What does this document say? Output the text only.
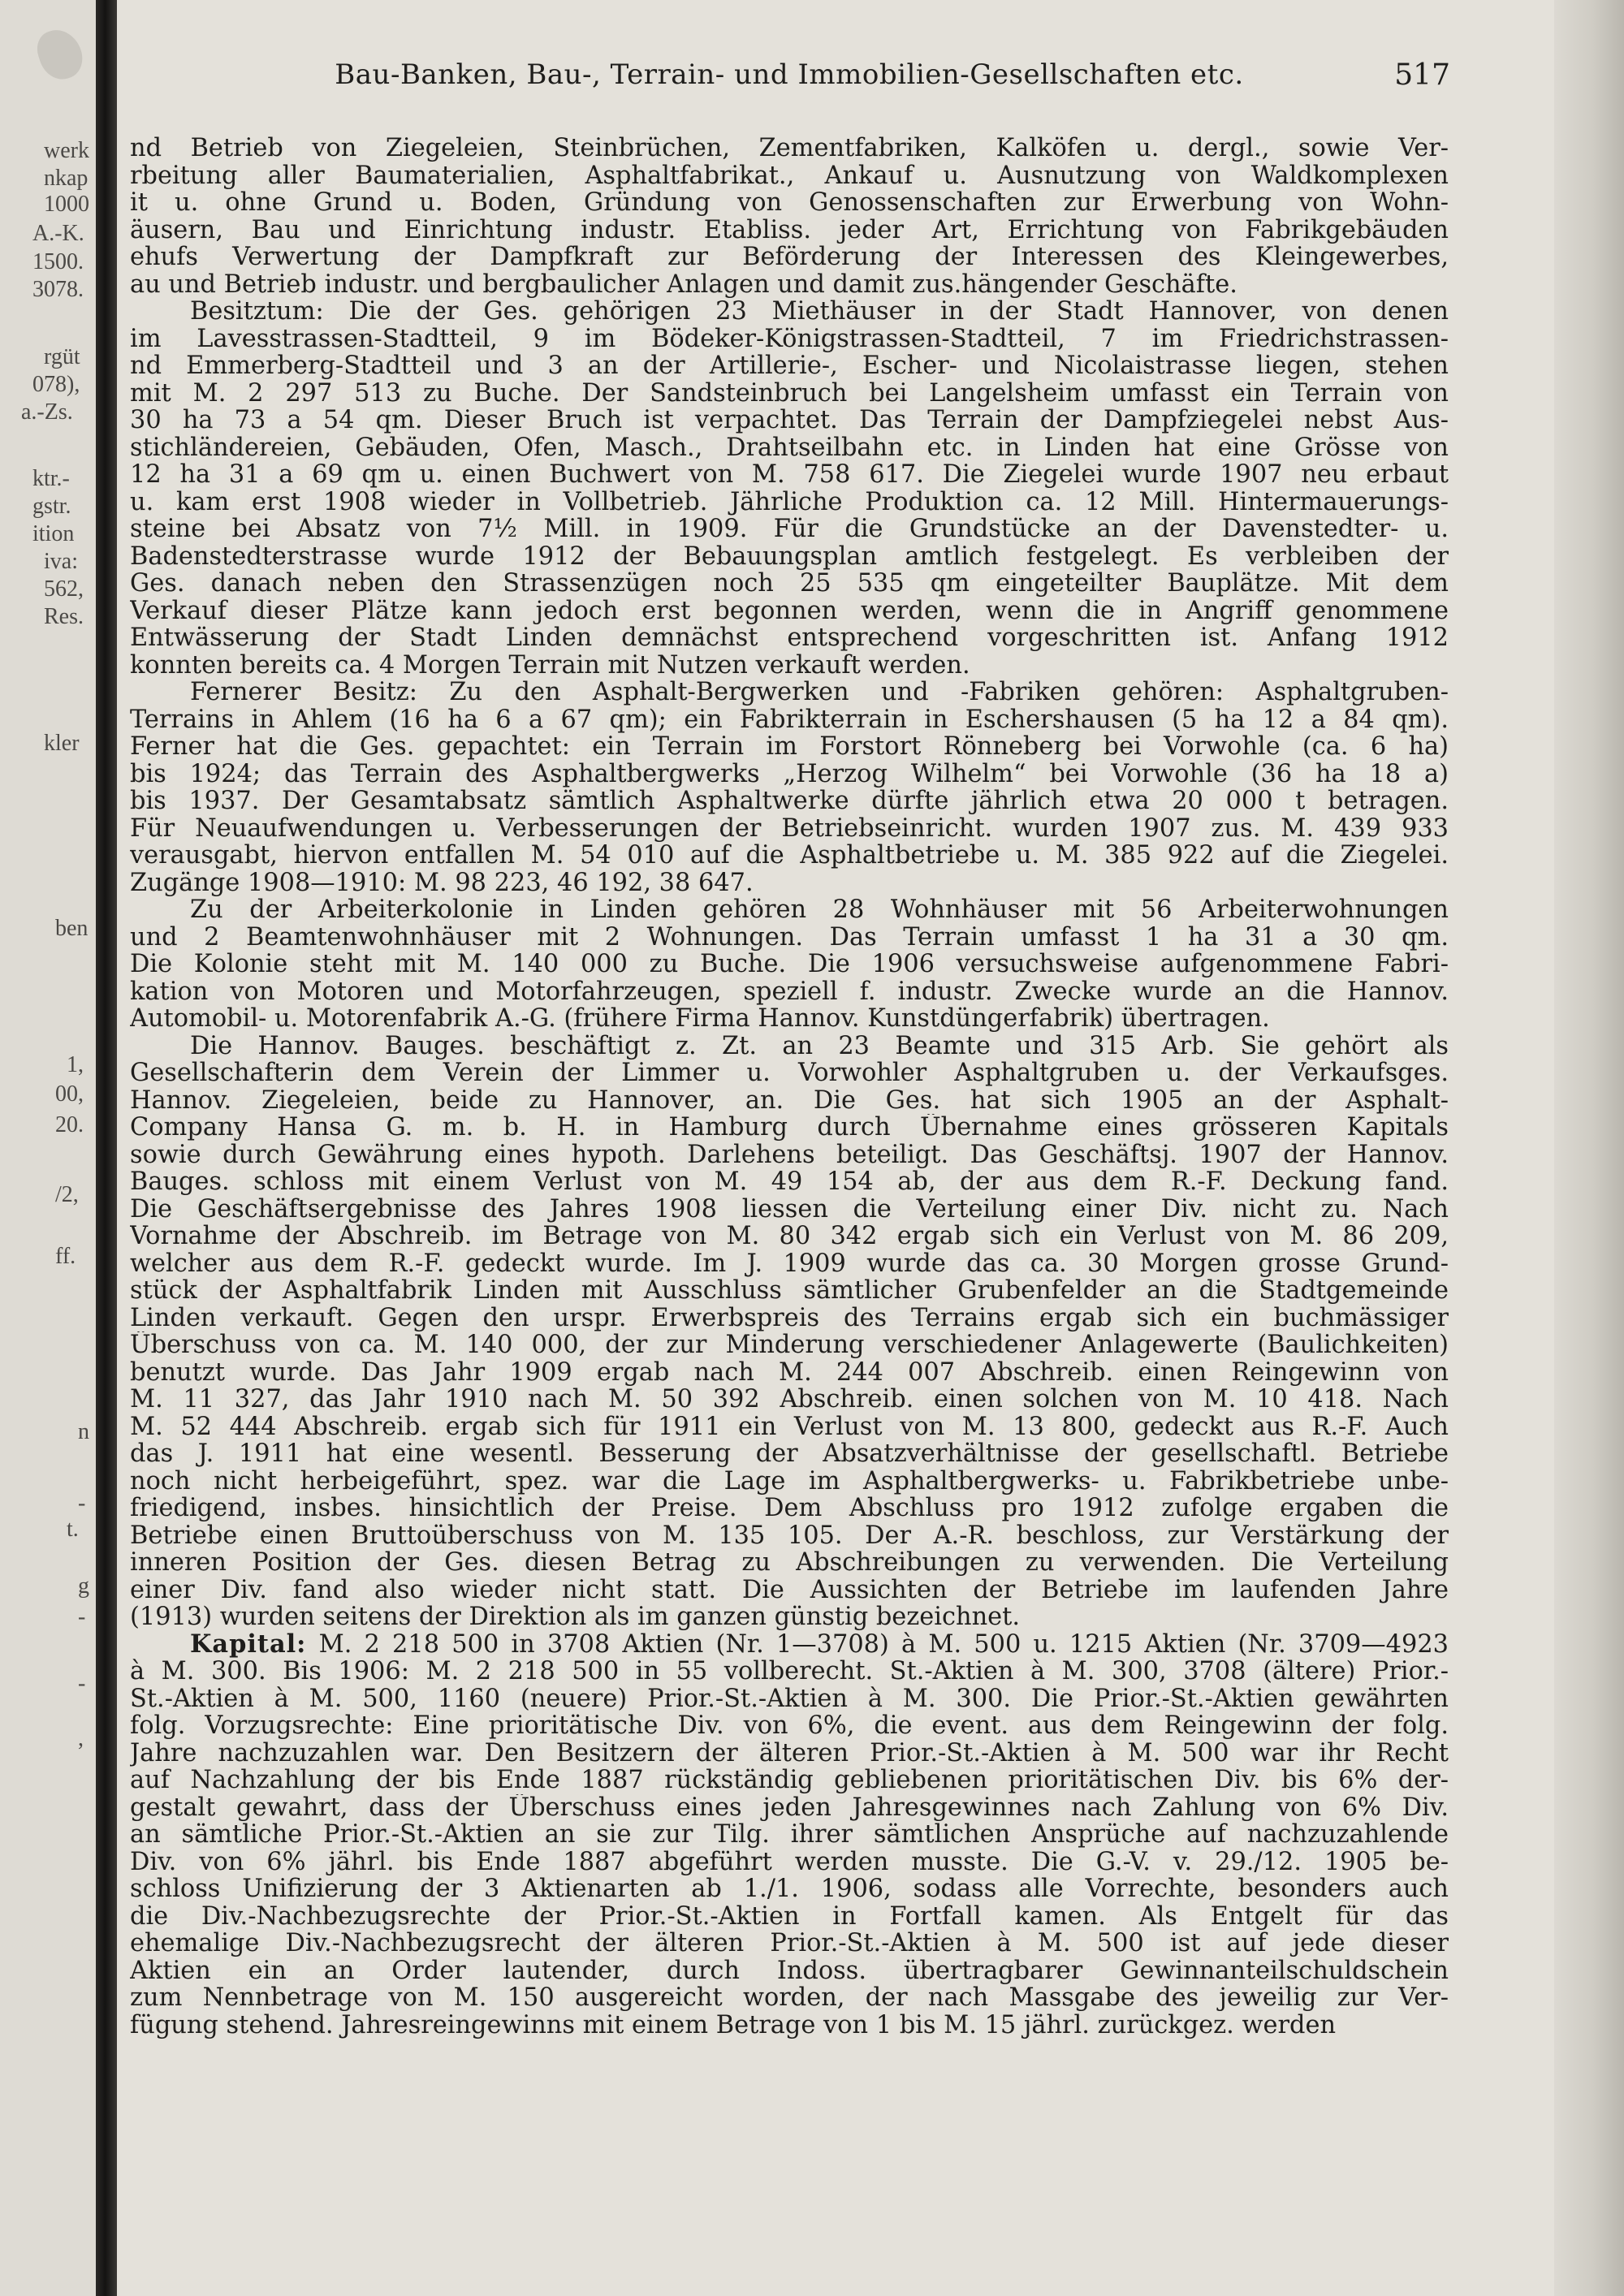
werk
nkap
1000
A.-K.
1500.
3078.
rgüt
078),
a.-Zs.
ktr.-
gstr.
ition
iva:
562,
Res.
kler
ben
1,
00,
20.
/2,
ff.
n
-
t.
g
-
-
,
Bau-Banken, Bau-, Terrain- und Immobilien-Gesellschaften etc.	517
nd Betrieb von Ziegeleien, Steinbrüchen, Zementfabriken, Kalköfen u. dergl., sowie Ver-
rbeitung aller Baumaterialien, Asphaltfabrikat., Ankauf u. Ausnutzung von Waldkomplexen
it u. ohne Grund u. Boden, Gründung von Genossenschaften zur Erwerbung von Wohn-
äusern, Bau und Einrichtung industr. Etabliss. jeder Art, Errichtung von Fabrikgebäuden
ehufs Verwertung der Dampfkraft zur Beförderung der Interessen des Kleingewerbes,
au und Betrieb industr. und bergbaulicher Anlagen und damit zus.hängender Geschäfte.
Besitztum: Die der Ges. gehörigen 23 Miethäuser in der Stadt Hannover, von denen
im Lavesstrassen-Stadtteil, 9 im Bödeker-Königstrassen-Stadtteil, 7 im Friedrichstrassen-
nd Emmerberg-Stadtteil und 3 an der Artillerie-, Escher- und Nicolaistrasse liegen, stehen
mit M. 2 297 513 zu Buche. Der Sandsteinbruch bei Langelsheim umfasst ein Terrain von
30 ha 73 a 54 qm. Dieser Bruch ist verpachtet. Das Terrain der Dampfziegelei nebst Aus-
stichländereien, Gebäuden, Ofen, Masch., Drahtseilbahn etc. in Linden hat eine Grösse von
12 ha 31 a 69 qm u. einen Buchwert von M. 758 617. Die Ziegelei wurde 1907 neu erbaut
u. kam erst 1908 wieder in Vollbetrieb. Jährliche Produktion ca. 12 Mill. Hintermauerungs-
steine bei Absatz von 7½ Mill. in 1909. Für die Grundstücke an der Davenstedter- u.
Badenstedterstrasse wurde 1912 der Bebauungsplan amtlich festgelegt. Es verbleiben der
Ges. danach neben den Strassenzügen noch 25 535 qm eingeteilter Bauplätze. Mit dem
Verkauf dieser Plätze kann jedoch erst begonnen werden, wenn die in Angriff genommene
Entwässerung der Stadt Linden demnächst entsprechend vorgeschritten ist. Anfang 1912
konnten bereits ca. 4 Morgen Terrain mit Nutzen verkauft werden.
Fernerer Besitz: Zu den Asphalt-Bergwerken und -Fabriken gehören: Asphaltgruben-
Terrains in Ahlem (16 ha 6 a 67 qm); ein Fabrikterrain in Eschershausen (5 ha 12 a 84 qm).
Ferner hat die Ges. gepachtet: ein Terrain im Forstort Rönneberg bei Vorwohle (ca. 6 ha)
bis 1924; das Terrain des Asphaltbergwerks „Herzog Wilhelm“ bei Vorwohle (36 ha 18 a)
bis 1937. Der Gesamtabsatz sämtlich Asphaltwerke dürfte jährlich etwa 20 000 t betragen.
Für Neuaufwendungen u. Verbesserungen der Betriebseinricht. wurden 1907 zus. M. 439 933
verausgabt, hiervon entfallen M. 54 010 auf die Asphaltbetriebe u. M. 385 922 auf die Ziegelei.
Zugänge 1908—1910: M. 98 223, 46 192, 38 647.
Zu der Arbeiterkolonie in Linden gehören 28 Wohnhäuser mit 56 Arbeiterwohnungen
und 2 Beamtenwohnhäuser mit 2 Wohnungen. Das Terrain umfasst 1 ha 31 a 30 qm.
Die Kolonie steht mit M. 140 000 zu Buche. Die 1906 versuchsweise aufgenommene Fabri-
kation von Motoren und Motorfahrzeugen, speziell f. industr. Zwecke wurde an die Hannov.
Automobil- u. Motorenfabrik A.-G. (frühere Firma Hannov. Kunstdüngerfabrik) übertragen.
Die Hannov. Bauges. beschäftigt z. Zt. an 23 Beamte und 315 Arb. Sie gehört als
Gesellschafterin dem Verein der Limmer u. Vorwohler Asphaltgruben u. der Verkaufsges.
Hannov. Ziegeleien, beide zu Hannover, an. Die Ges. hat sich 1905 an der Asphalt-
Company Hansa G. m. b. H. in Hamburg durch Übernahme eines grösseren Kapitals
sowie durch Gewährung eines hypoth. Darlehens beteiligt. Das Geschäftsj. 1907 der Hannov.
Bauges. schloss mit einem Verlust von M. 49 154 ab, der aus dem R.-F. Deckung fand.
Die Geschäftsergebnisse des Jahres 1908 liessen die Verteilung einer Div. nicht zu. Nach
Vornahme der Abschreib. im Betrage von M. 80 342 ergab sich ein Verlust von M. 86 209,
welcher aus dem R.-F. gedeckt wurde. Im J. 1909 wurde das ca. 30 Morgen grosse Grund-
stück der Asphaltfabrik Linden mit Ausschluss sämtlicher Grubenfelder an die Stadtgemeinde
Linden verkauft. Gegen den urspr. Erwerbspreis des Terrains ergab sich ein buchmässiger
Überschuss von ca. M. 140 000, der zur Minderung verschiedener Anlagewerte (Baulichkeiten)
benutzt wurde. Das Jahr 1909 ergab nach M. 244 007 Abschreib. einen Reingewinn von
M. 11 327, das Jahr 1910 nach M. 50 392 Abschreib. einen solchen von M. 10 418. Nach
M. 52 444 Abschreib. ergab sich für 1911 ein Verlust von M. 13 800, gedeckt aus R.-F. Auch
das J. 1911 hat eine wesentl. Besserung der Absatzverhältnisse der gesellschaftl. Betriebe
noch nicht herbeigeführt, spez. war die Lage im Asphaltbergwerks- u. Fabrikbetriebe unbe-
friedigend, insbes. hinsichtlich der Preise. Dem Abschluss pro 1912 zufolge ergaben die
Betriebe einen Bruttoüberschuss von M. 135 105. Der A.-R. beschloss, zur Verstärkung der
inneren Position der Ges. diesen Betrag zu Abschreibungen zu verwenden. Die Verteilung
einer Div. fand also wieder nicht statt. Die Aussichten der Betriebe im laufenden Jahre
(1913) wurden seitens der Direktion als im ganzen günstig bezeichnet.
Kapital: M. 2 218 500 in 3708 Aktien (Nr. 1—3708) à M. 500 u. 1215 Aktien (Nr. 3709—4923
à M. 300. Bis 1906: M. 2 218 500 in 55 vollberecht. St.-Aktien à M. 300, 3708 (ältere) Prior.-
St.-Aktien à M. 500, 1160 (neuere) Prior.-St.-Aktien à M. 300. Die Prior.-St.-Aktien gewährten
folg. Vorzugsrechte: Eine prioritätische Div. von 6%, die event. aus dem Reingewinn der folg.
Jahre nachzuzahlen war. Den Besitzern der älteren Prior.-St.-Aktien à M. 500 war ihr Recht
auf Nachzahlung der bis Ende 1887 rückständig gebliebenen prioritätischen Div. bis 6% der-
gestalt gewahrt, dass der Überschuss eines jeden Jahresgewinnes nach Zahlung von 6% Div.
an sämtliche Prior.-St.-Aktien an sie zur Tilg. ihrer sämtlichen Ansprüche auf nachzuzahlende
Div. von 6% jährl. bis Ende 1887 abgeführt werden musste. Die G.-V. v. 29./12. 1905 be-
schloss Unifizierung der 3 Aktienarten ab 1./1. 1906, sodass alle Vorrechte, besonders auch
die Div.-Nachbezugsrechte der Prior.-St.-Aktien in Fortfall kamen. Als Entgelt für das
ehemalige Div.-Nachbezugsrecht der älteren Prior.-St.-Aktien à M. 500 ist auf jede dieser
Aktien ein an Order lautender, durch Indoss. übertragbarer Gewinnanteilschuldschein
zum Nennbetrage von M. 150 ausgereicht worden, der nach Massgabe des jeweilig zur Ver-
fügung stehend. Jahresreingewinns mit einem Betrage von 1 bis M. 15 jährl. zurückgez. werden
